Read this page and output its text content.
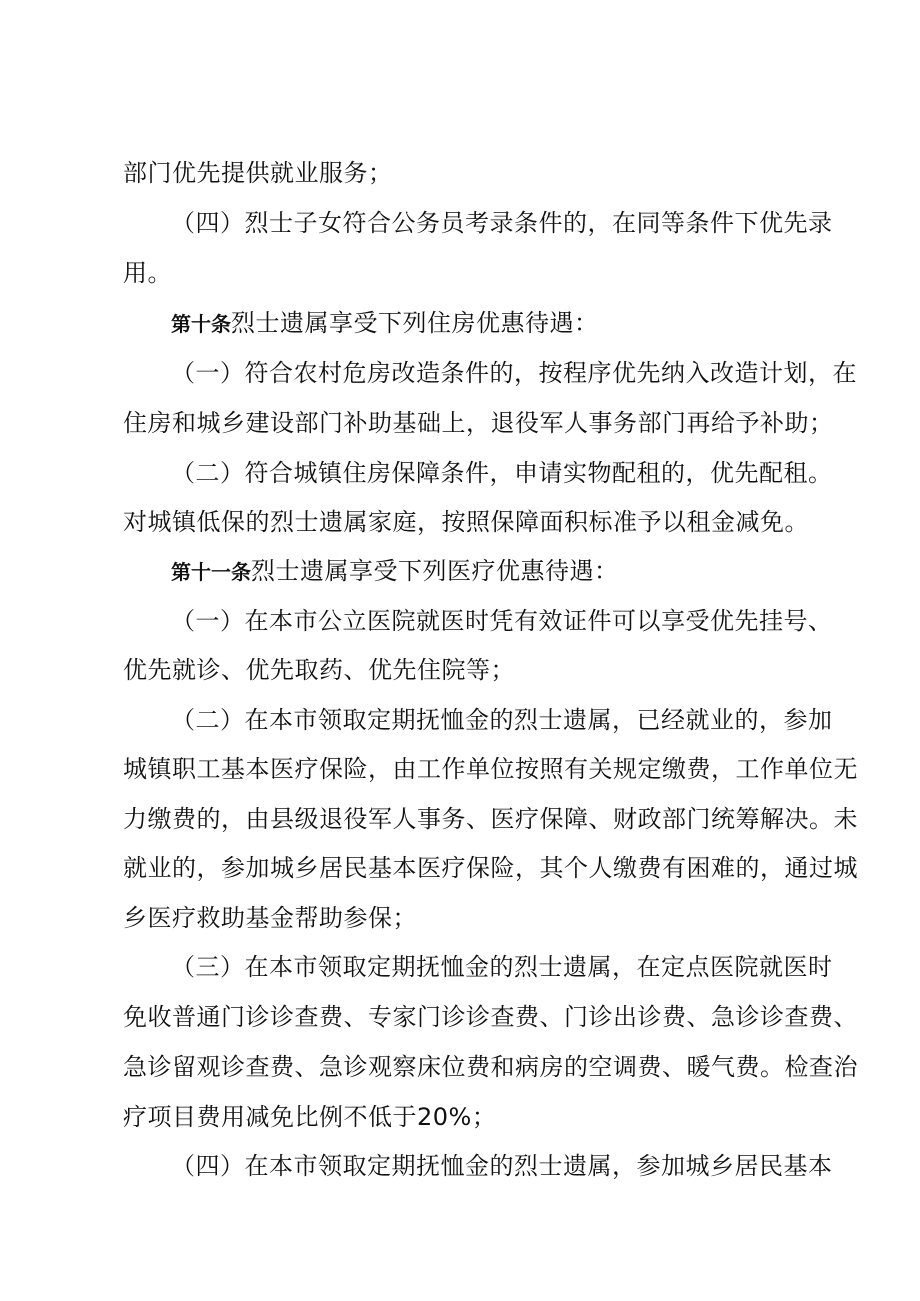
部门优先提供就业服务；
（四）烈士子女符合公务员考录条件的，在同等条件下优先录
用。
第十条烈士遗属享受下列住房优惠待遇：
（一）符合农村危房改造条件的，按程序优先纳入改造计划，在
住房和城乡建设部门补助基础上，退役军人事务部门再给予补助；
（二）符合城镇住房保障条件，申请实物配租的，优先配租。
对城镇低保的烈士遗属家庭，按照保障面积标准予以租金减免。
第十一条烈士遗属享受下列医疗优惠待遇：
（一）在本市公立医院就医时凭有效证件可以享受优先挂号、
优先就诊、优先取药、优先住院等；
（二）在本市领取定期抚恤金的烈士遗属，已经就业的，参加
城镇职工基本医疗保险，由工作单位按照有关规定缴费，工作单位无
力缴费的，由县级退役军人事务、医疗保障、财政部门统筹解决。未
就业的，参加城乡居民基本医疗保险，其个人缴费有困难的，通过城
乡医疗救助基金帮助参保；
（三）在本市领取定期抚恤金的烈士遗属，在定点医院就医时
免收普通门诊诊查费、专家门诊诊查费、门诊出诊费、急诊诊查费、
急诊留观诊查费、急诊观察床位费和病房的空调费、暖气费。检查治
疗项目费用减免比例不低于20%；
（四）在本市领取定期抚恤金的烈士遗属，参加城乡居民基本
